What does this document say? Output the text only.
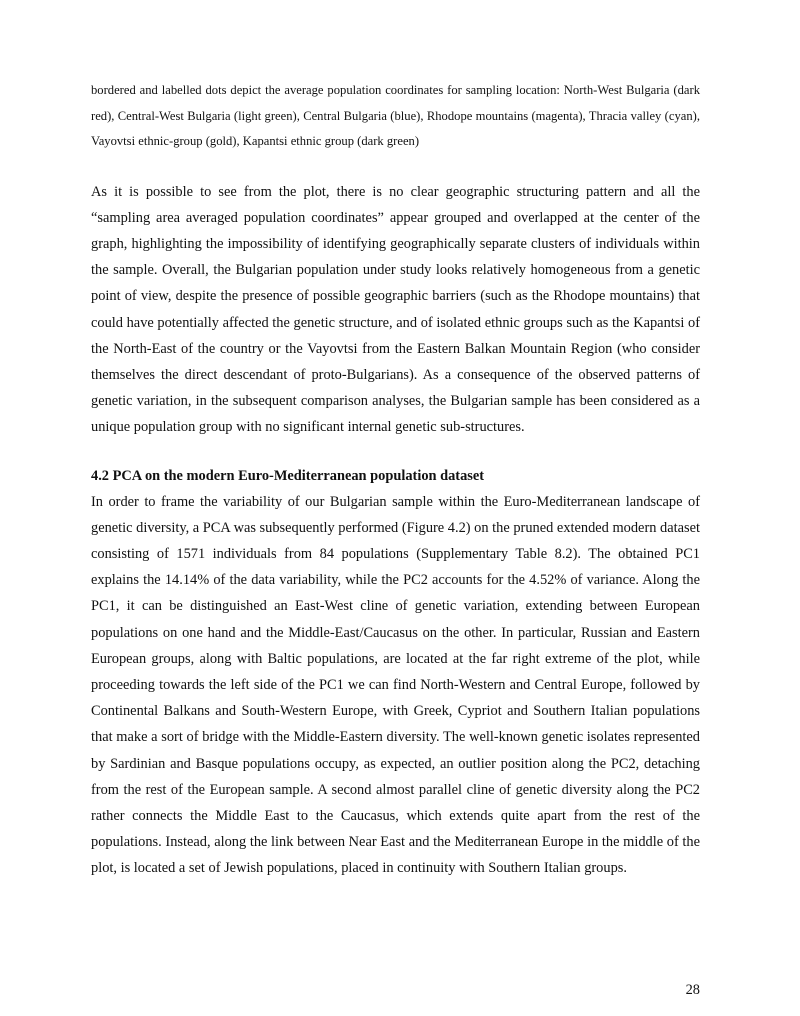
bordered and labelled dots depict the average population coordinates for sampling location: North-West Bulgaria (dark red), Central-West Bulgaria (light green), Central Bulgaria (blue), Rhodope mountains (magenta), Thracia valley (cyan), Vayovtsi ethnic-group (gold), Kapantsi ethnic group (dark green)

As it is possible to see from the plot, there is no clear geographic structuring pattern and all the “sampling area averaged population coordinates” appear grouped and overlapped at the center of the graph, highlighting the impossibility of identifying geographically separate clusters of individuals within the sample. Overall, the Bulgarian population under study looks relatively homogeneous from a genetic point of view, despite the presence of possible geographic barriers (such as the Rhodope mountains) that could have potentially affected the genetic structure, and of isolated ethnic groups such as the Kapantsi of the North-East of the country or the Vayovtsi from the Eastern Balkan Mountain Region (who consider themselves the direct descendant of proto-Bulgarians). As a consequence of the observed patterns of genetic variation, in the subsequent comparison analyses, the Bulgarian sample has been considered as a unique population group with no significant internal genetic sub-structures.

4.2 PCA on the modern Euro-Mediterranean population dataset

In order to frame the variability of our Bulgarian sample within the Euro-Mediterranean landscape of genetic diversity, a PCA was subsequently performed (Figure 4.2) on the pruned extended modern dataset consisting of 1571 individuals from 84 populations (Supplementary Table 8.2). The obtained PC1 explains the 14.14% of the data variability, while the PC2 accounts for the 4.52% of variance. Along the PC1, it can be distinguished an East-West cline of genetic variation, extending between European populations on one hand and the Middle-East/Caucasus on the other. In particular, Russian and Eastern European groups, along with Baltic populations, are located at the far right extreme of the plot, while proceeding towards the left side of the PC1 we can find North-Western and Central Europe, followed by Continental Balkans and South-Western Europe, with Greek, Cypriot and Southern Italian populations that make a sort of bridge with the Middle-Eastern diversity. The well-known genetic isolates represented by Sardinian and Basque populations occupy, as expected, an outlier position along the PC2, detaching from the rest of the European sample. A second almost parallel cline of genetic diversity along the PC2 rather connects the Middle East to the Caucasus, which extends quite apart from the rest of the populations. Instead, along the link between Near East and the Mediterranean Europe in the middle of the plot, is located a set of Jewish populations, placed in continuity with Southern Italian groups.

28
